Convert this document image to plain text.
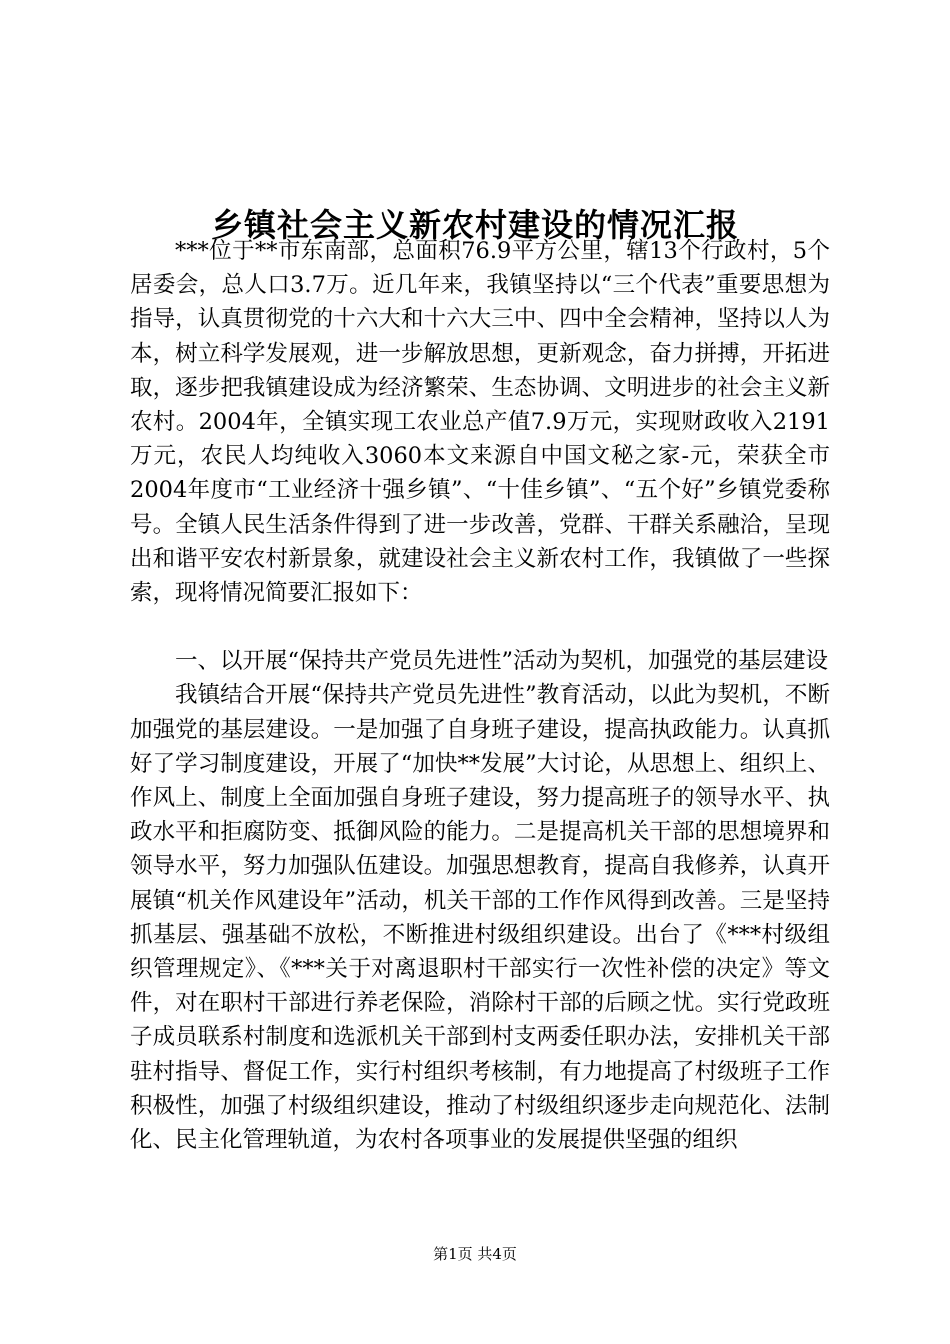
乡镇社会主义新农村建设的情况汇报

***位于**市东南部，总面积76.9平方公里，辖13个行政村，5个居委会，总人口3.7万。近几年来，我镇坚持以“三个代表”重要思想为指导，认真贯彻党的十六大和十六大三中、四中全会精神，坚持以人为本，树立科学发展观，进一步解放思想，更新观念，奋力拼搏，开拓进取，逐步把我镇建设成为经济繁荣、生态协调、文明进步的社会主义新农村。2004年，全镇实现工农业总产值7.9万元，实现财政收入2191万元，农民人均纯收入3060本文来源自中国文秘之家-元，荣获全市2004年度市“工业经济十强乡镇”、“十佳乡镇”、“五个好”乡镇党委称号。全镇人民生活条件得到了进一步改善，党群、干群关系融洽，呈现出和谐平安农村新景象，就建设社会主义新农村工作，我镇做了一些探索，现将情况简要汇报如下：

一、以开展“保持共产党员先进性”活动为契机，加强党的基层建设

我镇结合开展“保持共产党员先进性”教育活动，以此为契机，不断加强党的基层建设。一是加强了自身班子建设，提高执政能力。认真抓好了学习制度建设，开展了“加快**发展”大讨论，从思想上、组织上、作风上、制度上全面加强自身班子建设，努力提高班子的领导水平、执政水平和拒腐防变、抵御风险的能力。二是提高机关干部的思想境界和领导水平，努力加强队伍建设。加强思想教育，提高自我修养，认真开展镇“机关作风建设年”活动，机关干部的工作作风得到改善。三是坚持抓基层、强基础不放松，不断推进村级组织建设。出台了《***村级组织管理规定》、《***关于对离退职村干部实行一次性补偿的决定》等文件，对在职村干部进行养老保险，消除村干部的后顾之忧。实行党政班子成员联系村制度和选派机关干部到村支两委任职办法，安排机关干部驻村指导、督促工作，实行村组织考核制，有力地提高了村级班子工作积极性，加强了村级组织建设，推动了村级组织逐步走向规范化、法制化、民主化管理轨道，为农村各项事业的发展提供坚强的组织

第1页 共4页
